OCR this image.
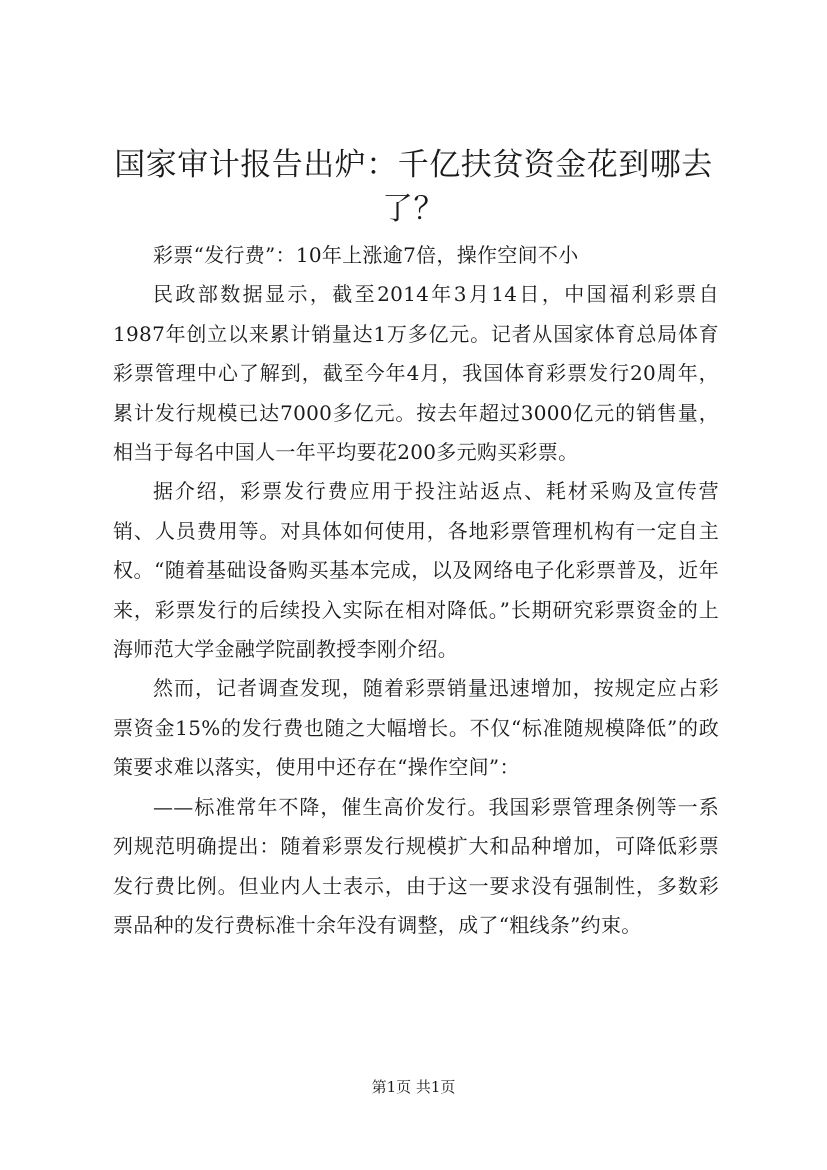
国家审计报告出炉：千亿扶贫资金花到哪去了？

彩票“发行费”：10年上涨逾7倍，操作空间不小

民政部数据显示，截至2014年3月14日，中国福利彩票自1987年创立以来累计销量达1万多亿元。记者从国家体育总局体育彩票管理中心了解到，截至今年4月，我国体育彩票发行20周年，累计发行规模已达7000多亿元。按去年超过3000亿元的销售量，相当于每名中国人一年平均要花200多元购买彩票。

据介绍，彩票发行费应用于投注站返点、耗材采购及宣传营销、人员费用等。对具体如何使用，各地彩票管理机构有一定自主权。“随着基础设备购买基本完成，以及网络电子化彩票普及，近年来，彩票发行的后续投入实际在相对降低。”长期研究彩票资金的上海师范大学金融学院副教授李刚介绍。

然而，记者调查发现，随着彩票销量迅速增加，按规定应占彩票资金15%的发行费也随之大幅增长。不仅“标准随规模降低”的政策要求难以落实，使用中还存在“操作空间”：

——标准常年不降，催生高价发行。我国彩票管理条例等一系列规范明确提出：随着彩票发行规模扩大和品种增加，可降低彩票发行费比例。但业内人士表示，由于这一要求没有强制性，多数彩票品种的发行费标准十余年没有调整，成了“粗线条”约束。

第1页 共1页
